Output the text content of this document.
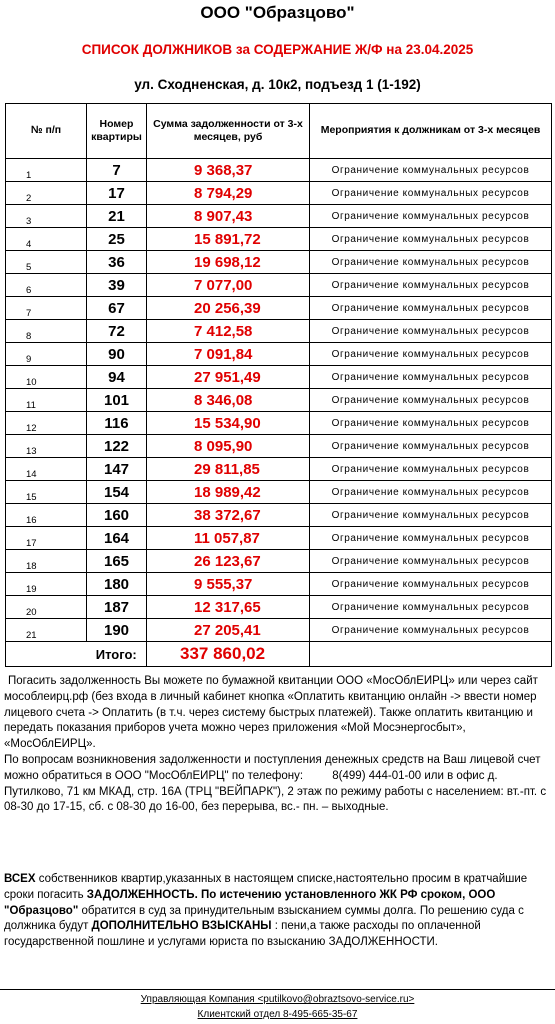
ООО "Образцово"
СПИСОК ДОЛЖНИКОВ за СОДЕРЖАНИЕ Ж/Ф на 23.04.2025
ул. Сходненская, д. 10к2, подъезд 1 (1-192)
№ п/п	Номер квартиры	Сумма задолженности от 3-х месяцев, руб	Мероприятия к должникам от 3-х месяцев
1	7	9 368,37	Ограничение коммунальных ресурсов
2	17	8 794,29	Ограничение коммунальных ресурсов
3	21	8 907,43	Ограничение коммунальных ресурсов
4	25	15 891,72	Ограничение коммунальных ресурсов
5	36	19 698,12	Ограничение коммунальных ресурсов
6	39	7 077,00	Ограничение коммунальных ресурсов
7	67	20 256,39	Ограничение коммунальных ресурсов
8	72	7 412,58	Ограничение коммунальных ресурсов
9	90	7 091,84	Ограничение коммунальных ресурсов
10	94	27 951,49	Ограничение коммунальных ресурсов
11	101	8 346,08	Ограничение коммунальных ресурсов
12	116	15 534,90	Ограничение коммунальных ресурсов
13	122	8 095,90	Ограничение коммунальных ресурсов
14	147	29 811,85	Ограничение коммунальных ресурсов
15	154	18 989,42	Ограничение коммунальных ресурсов
16	160	38 372,67	Ограничение коммунальных ресурсов
17	164	11 057,87	Ограничение коммунальных ресурсов
18	165	26 123,67	Ограничение коммунальных ресурсов
19	180	9 555,37	Ограничение коммунальных ресурсов
20	187	12 317,65	Ограничение коммунальных ресурсов
21	190	27 205,41	Ограничение коммунальных ресурсов
	Итого:	337 860,02	

Погасить задолженность Вы можете по бумажной квитанции ООО «МосОблЕИРЦ» или через сайт мособлеирц.рф (без входа в личный кабинет кнопка «Оплатить квитанцию онлайн -> ввести номер лицевого счета -> Оплатить (в т.ч. через систему быстрых платежей). Также оплатить квитанцию и передать показания приборов учета можно через приложения «Мой Мосэнергосбыт», «МосОблЕИРЦ».

По вопросам возникновения задолженности и поступления денежных средств на Ваш лицевой счет можно обратиться в ООО "МосОблЕИРЦ" по телефону:	8(499) 444-01-00 или в офис д. Путилково, 71 км МКАД, стр. 16А (ТРЦ "ВЕЙПАРК"), 2 этаж по режиму работы с населением: вт.-пт. с 08-30 до 17-15, сб. с 08-30 до 16-00, без перерыва, вс.- пн. – выходные.

ВСЕХ собственников квартир,указанных в настоящем списке,настоятельно просим в кратчайшие сроки погасить ЗАДОЛЖЕННОСТЬ. По истечению установленного ЖК РФ сроком, ООО "Образцово" обратится в суд за принудительным взысканием суммы долга. По решению суда с должника будут ДОПОЛНИТЕЛЬНО ВЗЫСКАНЫ : пени,а также расходы по оплаченной государственной пошлине и услугами юриста по взысканию ЗАДОЛЖЕННОСТИ.
Управляющая Компания <putilkovo@obraztsovo-service.ru>
Клиентский отдел 8-495-665-35-67
